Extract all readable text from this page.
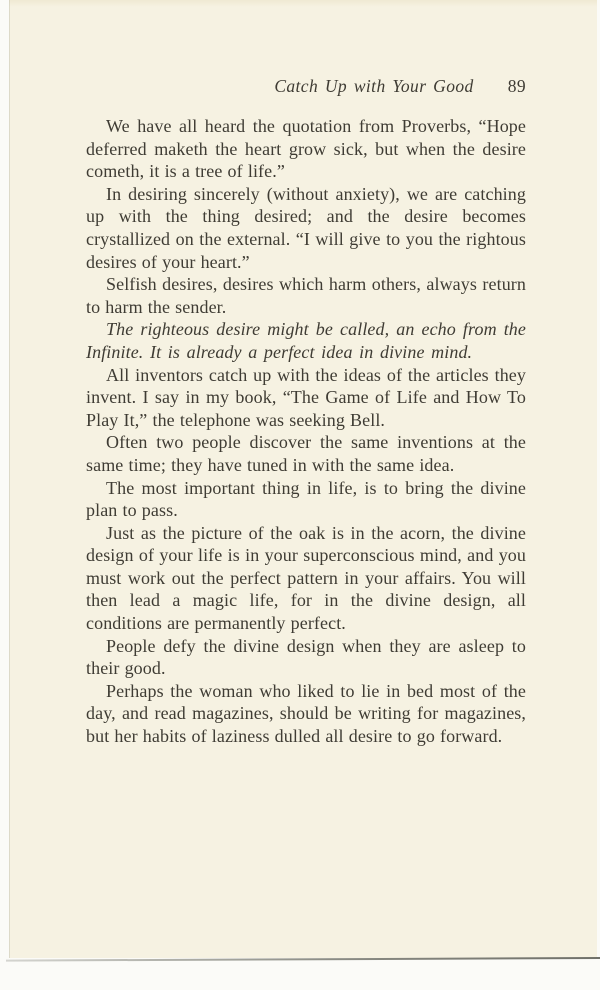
Catch Up with Your Good 89

We have all heard the quotation from Proverbs, “Hope deferred maketh the heart grow sick, but when the desire cometh, it is a tree of life.”

In desiring sincerely (without anxiety), we are catching up with the thing desired; and the desire becomes crystallized on the external. “I will give to you the rightous desires of your heart.”

Selfish desires, desires which harm others, always return to harm the sender.

The righteous desire might be called, an echo from the Infinite. It is already a perfect idea in divine mind.

All inventors catch up with the ideas of the articles they invent. I say in my book, “The Game of Life and How To Play It,” the telephone was seeking Bell.

Often two people discover the same inventions at the same time; they have tuned in with the same idea.

The most important thing in life, is to bring the divine plan to pass.

Just as the picture of the oak is in the acorn, the divine design of your life is in your superconscious mind, and you must work out the perfect pattern in your affairs. You will then lead a magic life, for in the divine design, all conditions are permanently perfect.

People defy the divine design when they are asleep to their good.

Perhaps the woman who liked to lie in bed most of the day, and read magazines, should be writing for magazines, but her habits of laziness dulled all desire to go forward.
